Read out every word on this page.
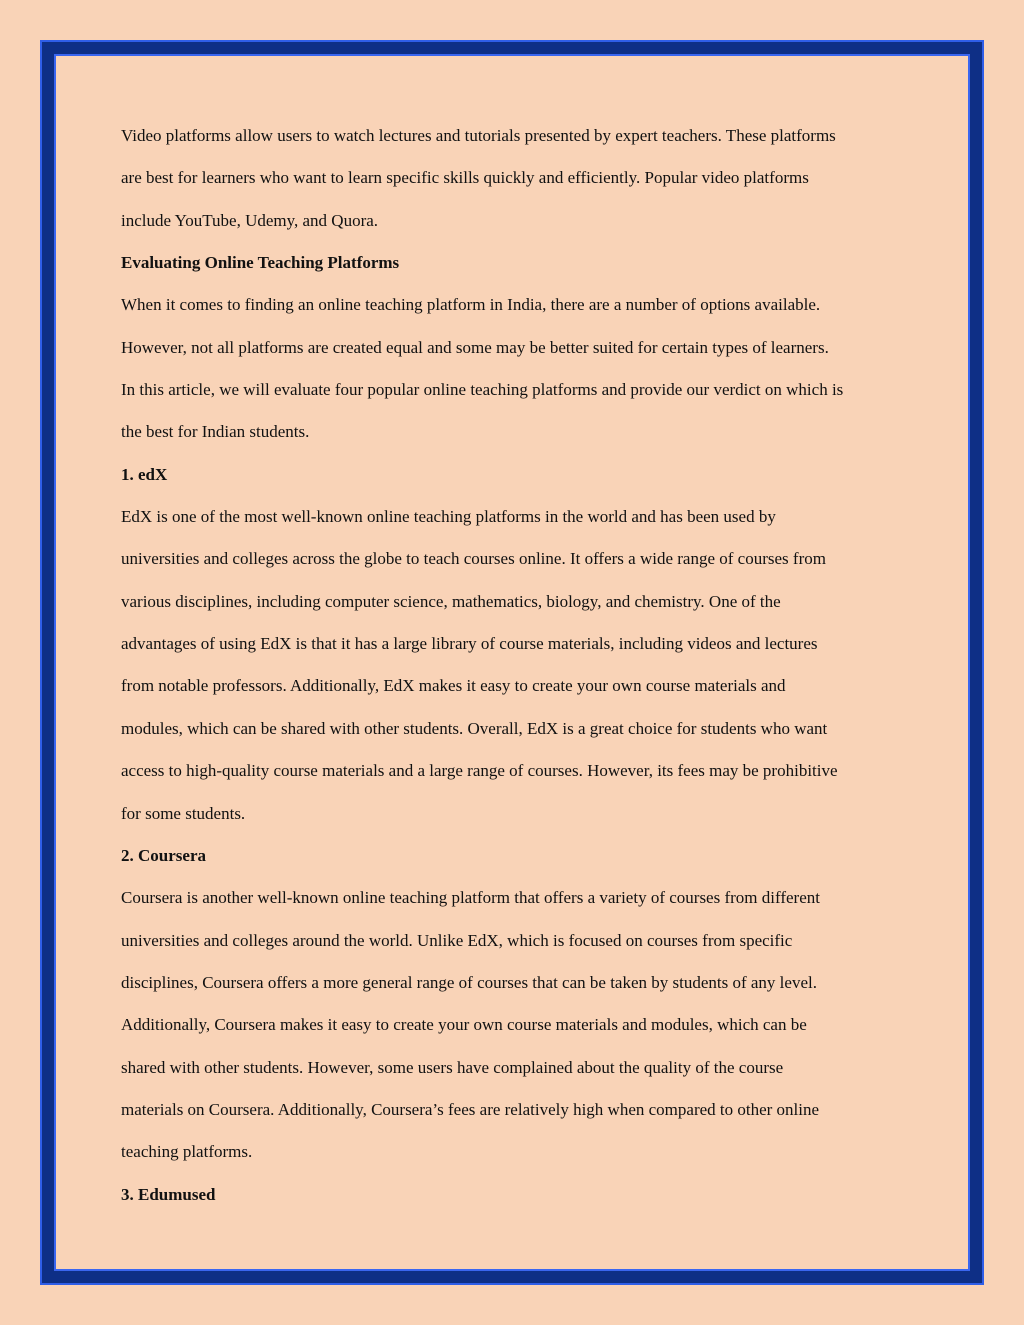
Video platforms allow users to watch lectures and tutorials presented by expert teachers. These platforms

are best for learners who want to learn specific skills quickly and efficiently. Popular video platforms

include YouTube, Udemy, and Quora.

Evaluating Online Teaching Platforms

When it comes to finding an online teaching platform in India, there are a number of options available.

However, not all platforms are created equal and some may be better suited for certain types of learners.

In this article, we will evaluate four popular online teaching platforms and provide our verdict on which is

the best for Indian students.

1. edX

EdX is one of the most well-known online teaching platforms in the world and has been used by

universities and colleges across the globe to teach courses online. It offers a wide range of courses from

various disciplines, including computer science, mathematics, biology, and chemistry. One of the

advantages of using EdX is that it has a large library of course materials, including videos and lectures

from notable professors. Additionally, EdX makes it easy to create your own course materials and

modules, which can be shared with other students. Overall, EdX is a great choice for students who want

access to high-quality course materials and a large range of courses. However, its fees may be prohibitive

for some students.

2. Coursera

Coursera is another well-known online teaching platform that offers a variety of courses from different

universities and colleges around the world. Unlike EdX, which is focused on courses from specific

disciplines, Coursera offers a more general range of courses that can be taken by students of any level.

Additionally, Coursera makes it easy to create your own course materials and modules, which can be

shared with other students. However, some users have complained about the quality of the course

materials on Coursera. Additionally, Coursera’s fees are relatively high when compared to other online

teaching platforms.

3. Edumused
